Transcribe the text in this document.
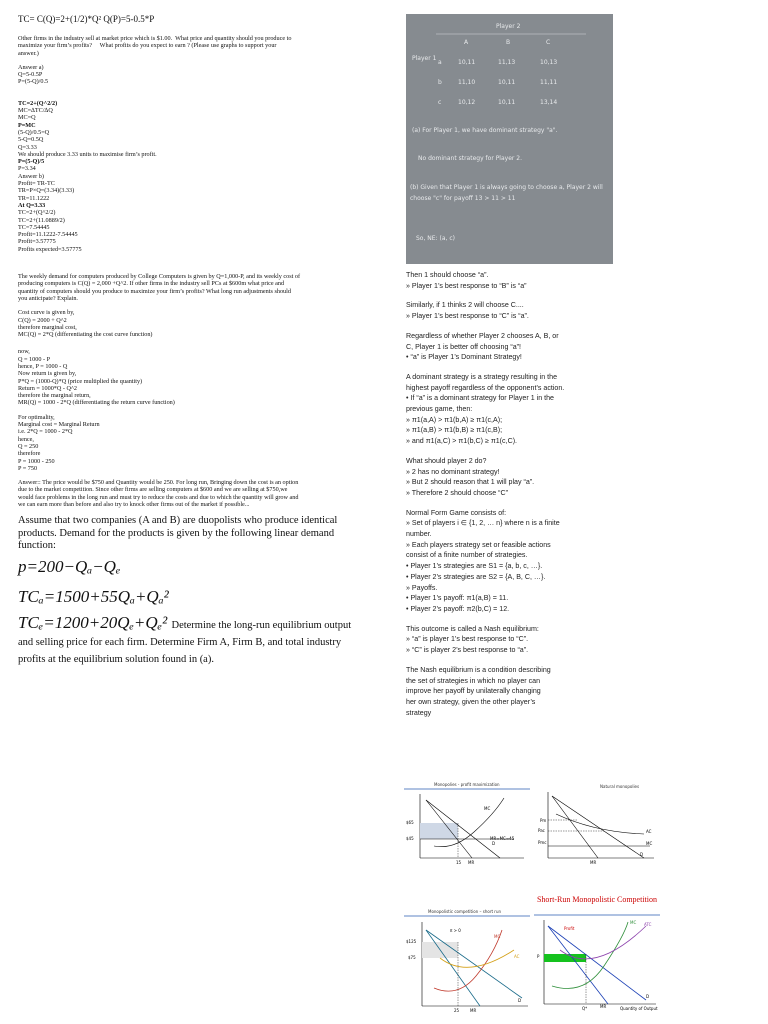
TC= C(Q)=2+(1/2)*Q² Q(P)=5-0.5*P
Other firms in the industry sell at market price which is $1.00.  What price and quantity should you produce to
maximize your firm’s profits?     What profits do you expect to earn ? (Please use graphs to support your
answer.)
Answer a)
Q=5-0.5P
P=(5-Q)/0.5
TC=2+(Q^2/2)
MC=∆TC/∆Q
MC=Q
P=MC
(5-Q)/0.5=Q
5-Q=0.5Q
Q=3.33
We should produce 3.33 units to maximise firm’s profit.
P=(5-Q)/5
P=3.34
Answer b)
Profit= TR-TC
TR=P×Q=(3.34)(3.33)
TR=11.1222
At Q=3.33
TC=2+(Q^2/2)
TC=2+(11.0889/2)
TC=7.54445
Profit=11.1222-7.54445
Profit=3.57775
Profits expected=3.57775
The weekly demand for computers produced by College Computers is given by Q=1,000-P, and its weekly cost of
producing computers is C(Q) = 2,000 +Q^2. If other firms in the industry sell PCs at $600m what price and
quantity of computers should you produce to maximize your firm’s profits? What long run adjustments should
you anticipate? Explain.
Cost curve is given by,
C(Q) = 2000 + Q^2
therefore marginal cost,
MC(Q) = 2*Q (differentiating the cost curve function)
now,
Q = 1000 - P
hence, P = 1000 - Q
Now return is given by,
P*Q = (1000-Q)*Q (price multiplied the quantity)
Return = 1000*Q - Q^2
therefore the marginal return,
MR(Q) = 1000 - 2*Q (differentiating the return curve function)
For optimality,
Marginal cost = Marginal Return
i.e. 2*Q = 1000 - 2*Q
hence,
Q = 250
therefore
P = 1000 - 250
P = 750
Answer:: The price would be $750 and Quantity would be 250. For long run, Bringing down the cost is an option
due to the market competition. Since other firms are selling computers at $600 and we are selling at $750,we
would face problems in the long run and must try to reduce the costs and due to which the quantity will grow and
we can earn more than before and also try to knock other firms out of the market if possible...
Assume that two companies (A and B) are duopolists who produce identical products. Demand for the products is given by the following linear demand function:
p=200−Qₐ−Qₑ
TCₐ=1500+55Qₐ+Qₐ²
TCₑ=1200+20Qₑ+Qₑ² Determine the long-run equilibrium output and selling price for each firm. Determine Firm A, Firm B, and total industry profits at the equilibrium solution found in (a).
Player 2
A	B	C
Player 1
a	10,11	11,13	10,13
b	11,10	10,11	11,11
c	10,12	10,11	13,14
(a) For Player 1, we have dominant strategy "a".
No dominant strategy for Player 2.
(b) Given that Player 1 is always going to choose a, Player 2 will choose "c" for payoff 13 > 11 > 11
So, NE: (a, c)
Then 1 should choose “a”.
» Player 1’s best response to “B” is “a”
Similarly, if 1 thinks 2 will choose C....
» Player 1’s best response to “C” is “a”.
Regardless of whether Player 2 chooses A, B, or
C, Player 1 is better off choosing “a”!
• “a” is Player 1’s Dominant Strategy!
A dominant strategy is a strategy resulting in the
highest payoff regardless of the opponent’s action.
• If “a” is a dominant strategy for Player 1 in the
previous game, then:
» π1(a,A) > π1(b,A) ≥ π1(c,A);
» π1(a,B) > π1(b,B) ≥ π1(c,B);
» and π1(a,C) > π1(b,C) ≥ π1(c,C).
What should player 2 do?
» 2 has no dominant strategy!
» But 2 should reason that 1 will play “a”.
» Therefore 2 should choose “C”
Normal Form Game consists of:
» Set of players i ∈ {1, 2, … n} where n is a finite
number.
» Each players strategy set or feasible actions
consist of a finite number of strategies.
• Player 1’s strategies are S1 = {a, b, c, …}.
• Player 2’s strategies are S2 = {A, B, C, …}.
» Payoffs.
• Player 1’s payoff: π1(a,B) = 11.
• Player 2’s payoff: π2(b,C) = 12.
This outcome is called a Nash equilibrium:
» “a” is player 1’s best response to “C”.
» “C” is player 2’s best response to “a”.
The Nash equilibrium is a condition describing
the set of strategies in which no player can
improve her payoff by unilaterally changing
her own strategy, given the other player’s
strategy
Monopolies - profit maximization
$65
$45
MC
MR=MC=45
D
15 MR
Natural monopolies
Pm
Pac
Pmc
AC
MC
MR
D
Monopolistic competition – short run
$125
$75
π > 0
MC
AC
MR
D
25
Short-Run Monopolistic Competition
Profit
MC ATC
P
Q*	Quantity of Output
MR
D
